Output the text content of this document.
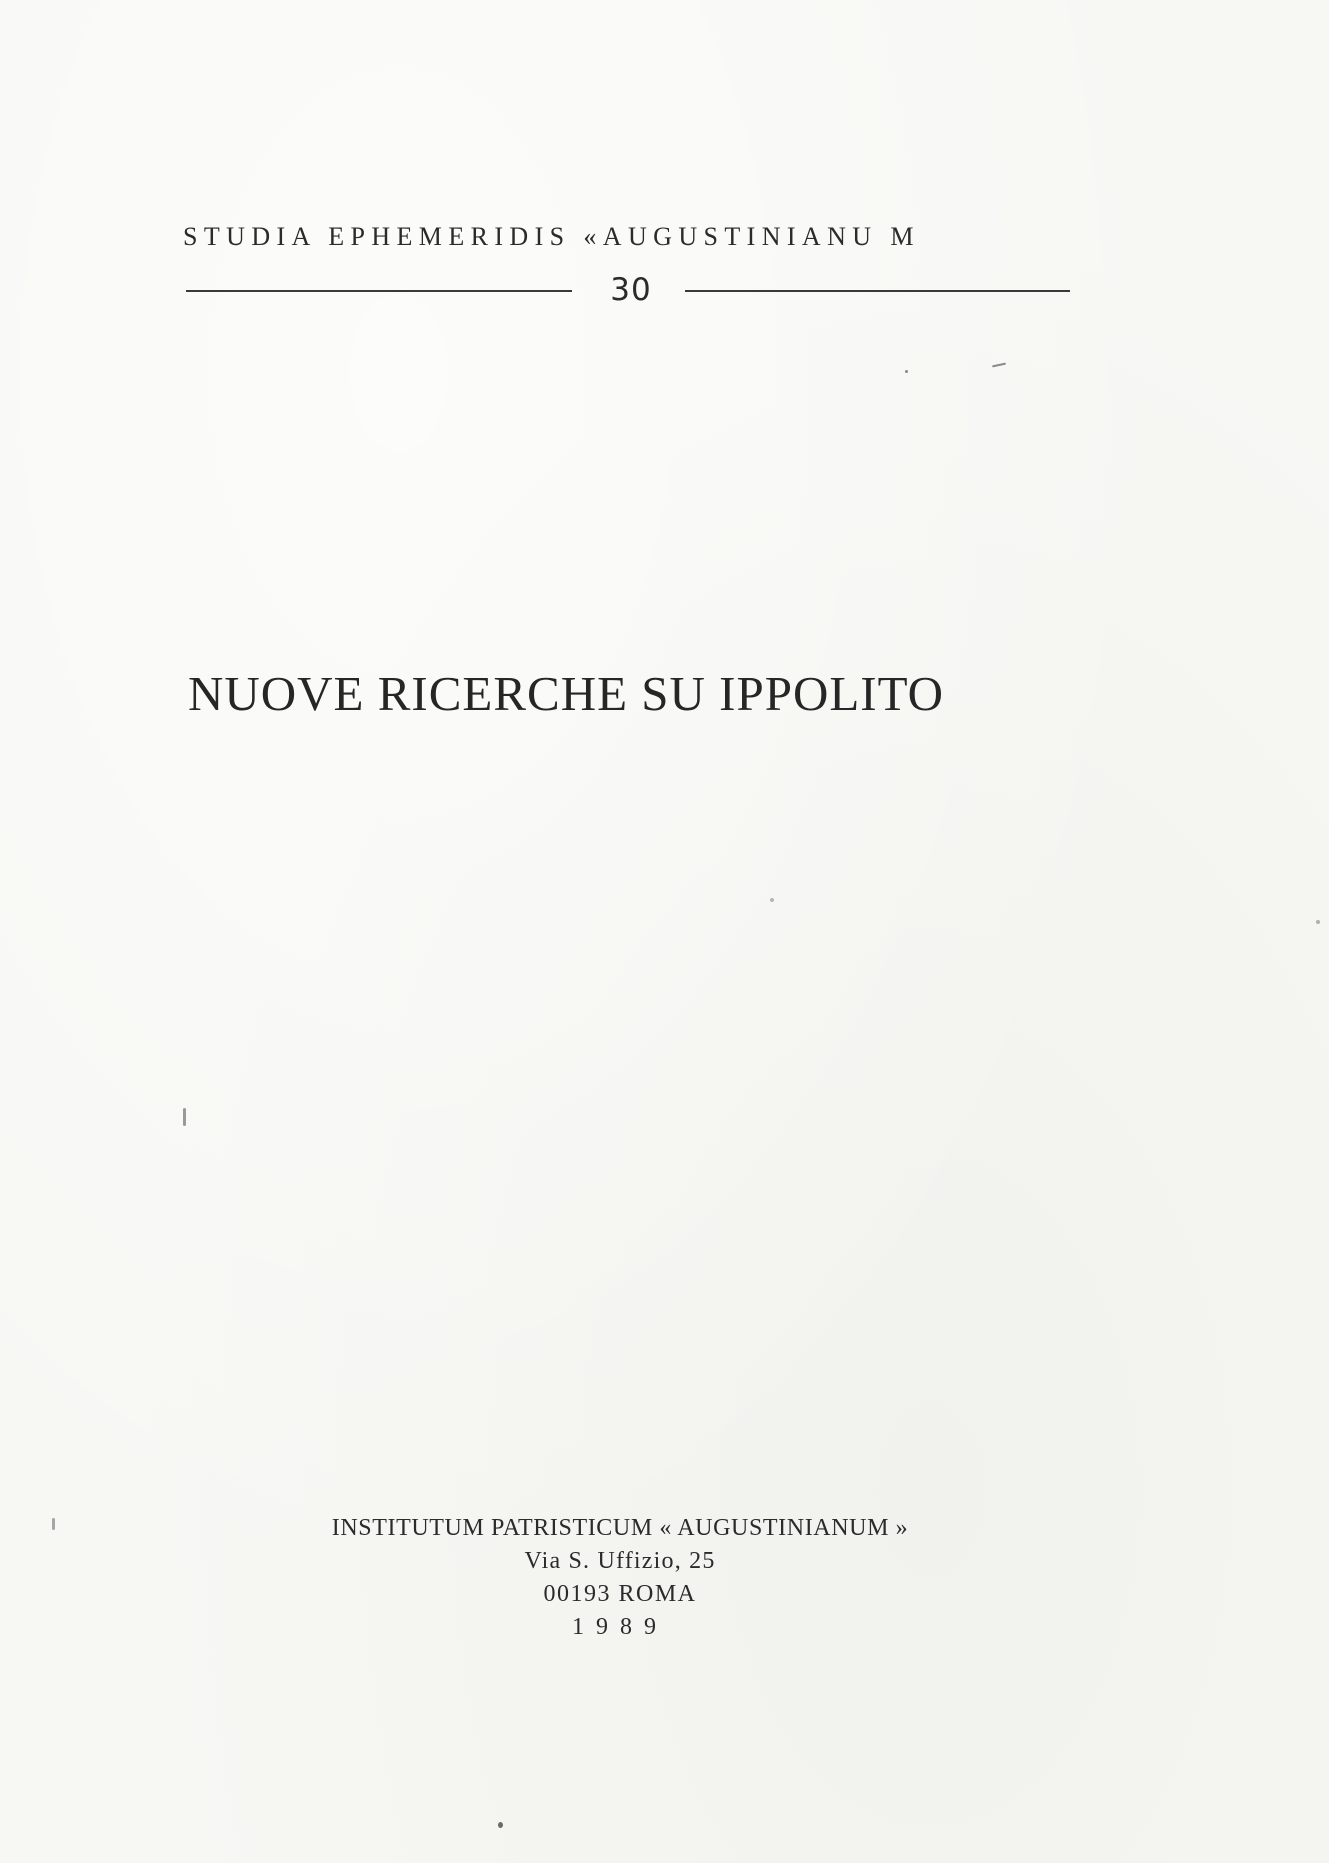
STUDIA EPHEMERIDIS «AUGUSTINIANU M
30
NUOVE RICERCHE SU IPPOLITO
INSTITUTUM PATRISTICUM « AUGUSTINIANUM »
Via S. Uffizio, 25
00193 ROMA
1989
